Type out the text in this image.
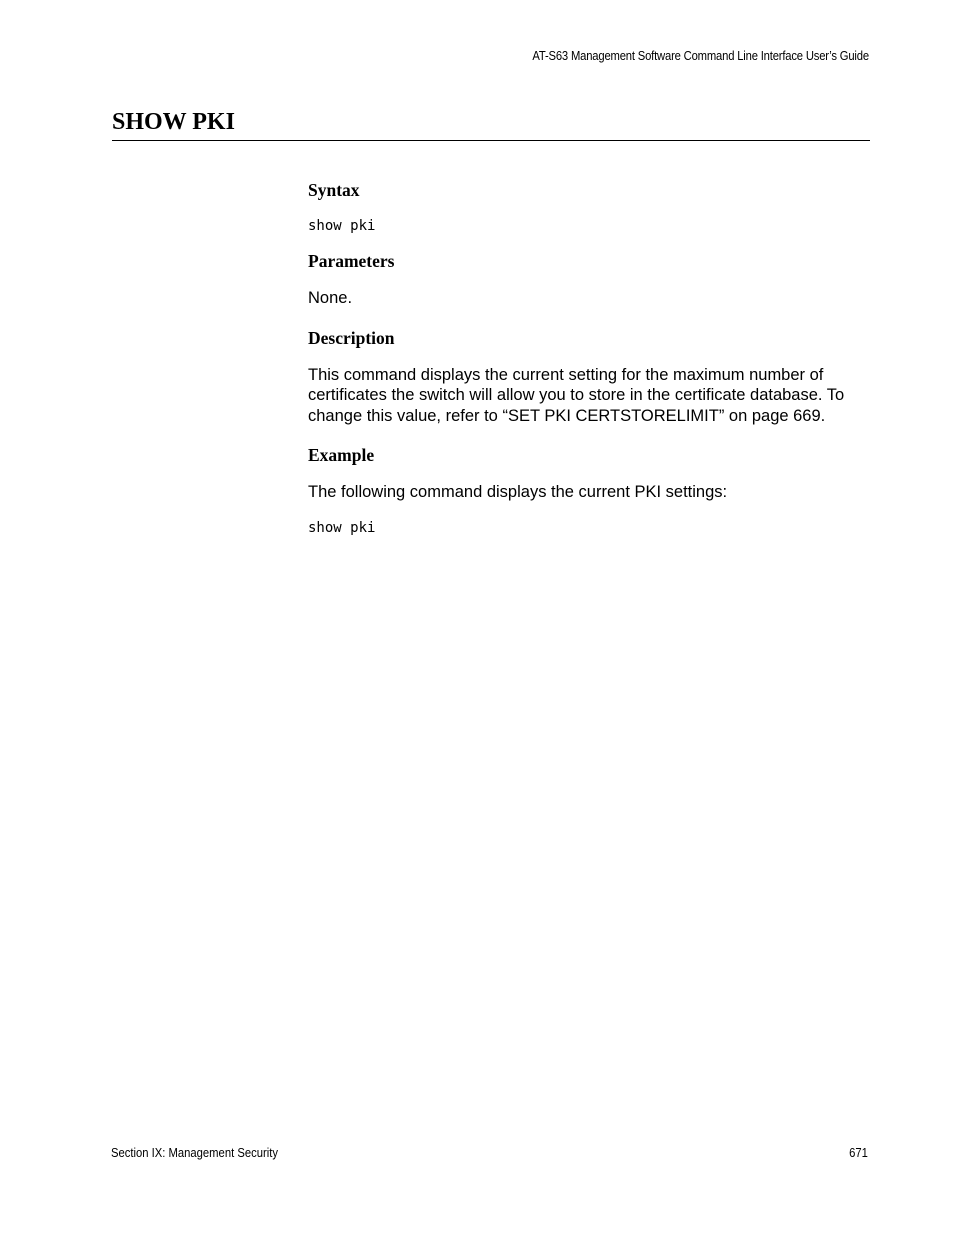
AT-S63 Management Software Command Line Interface User’s Guide
SHOW PKI
Syntax
show pki
Parameters

None.

Description

This command displays the current setting for the maximum number of certificates the switch will allow you to store in the certificate database. To change this value, refer to “SET PKI CERTSTORELIMIT” on page 669.

Example

The following command displays the current PKI settings:

show pki
Section IX: Management Security	671
